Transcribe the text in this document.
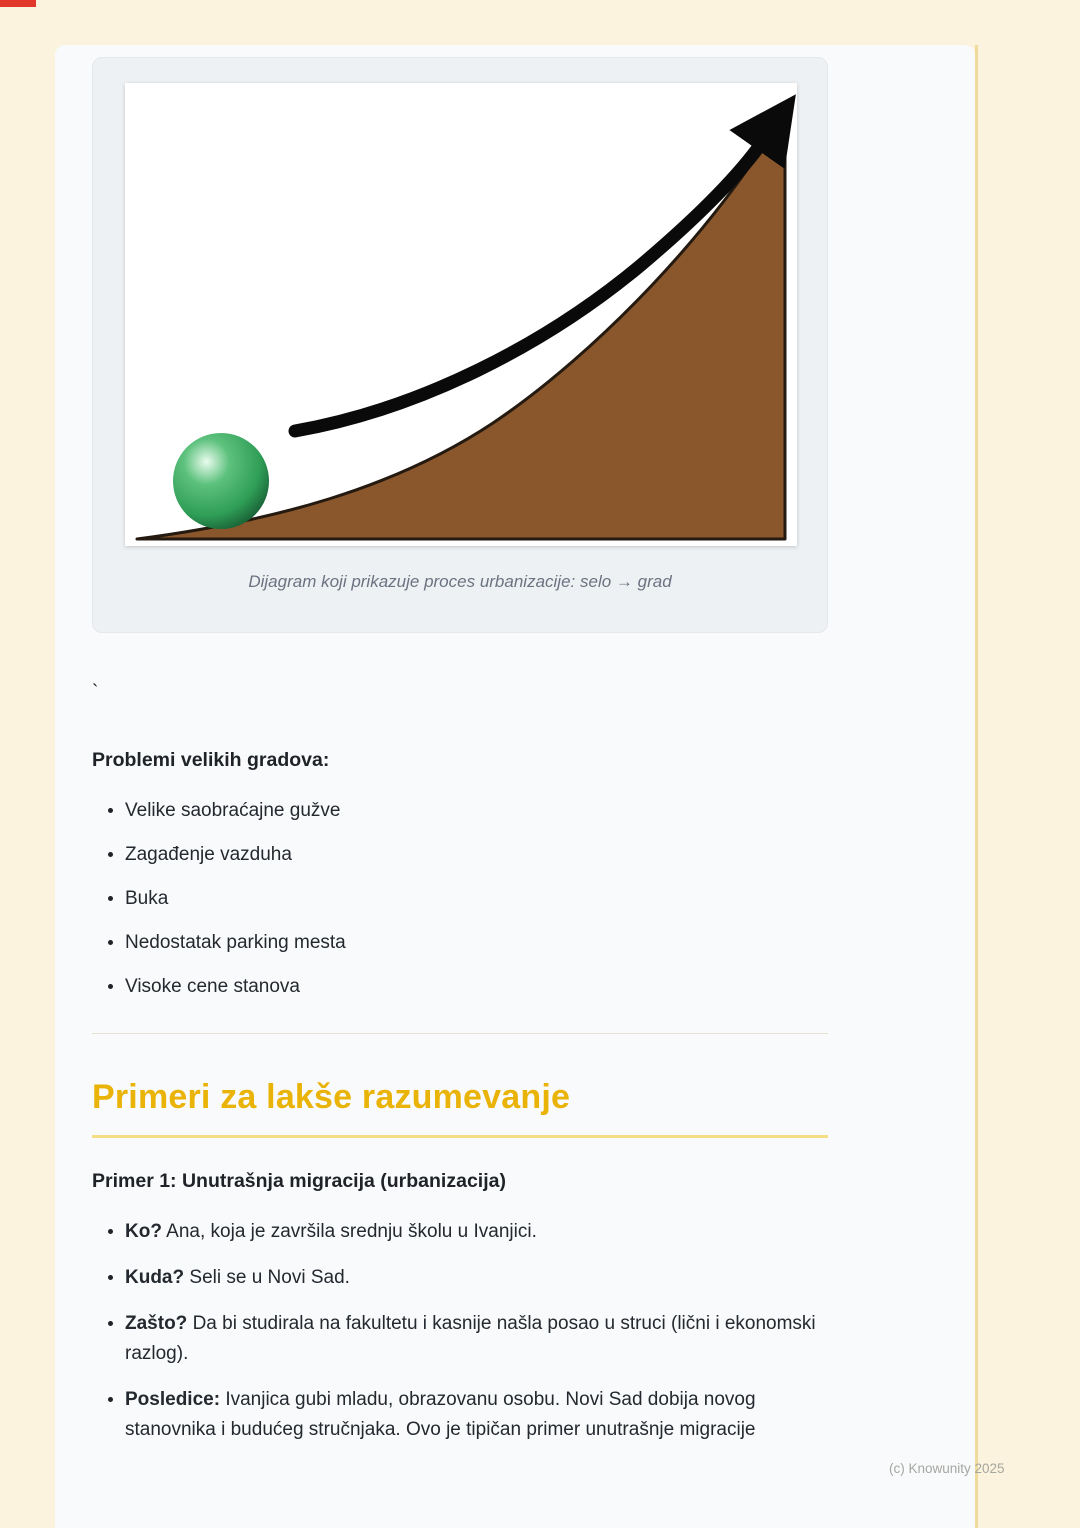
Dijagram koji prikazuje proces urbanizacije: selo → grad

`

Problemi velikih gradova:
• Velike saobraćajne gužve
• Zagađenje vazduha
• Buka
• Nedostatak parking mesta
• Visoke cene stanova
Primeri za lakše razumevanje
Primer 1: Unutrašnja migracija (urbanizacija)
• Ko? Ana, koja je završila srednju školu u Ivanjici.
• Kuda? Seli se u Novi Sad.
• Zašto? Da bi studirala na fakultetu i kasnije našla posao u struci (lični i ekonomski razlog).
• Posledice: Ivanjica gubi mladu, obrazovanu osobu. Novi Sad dobija novog stanovnika i budućeg stručnjaka. Ovo je tipičan primer unutrašnje migracije
(c) Knowunity 2025
